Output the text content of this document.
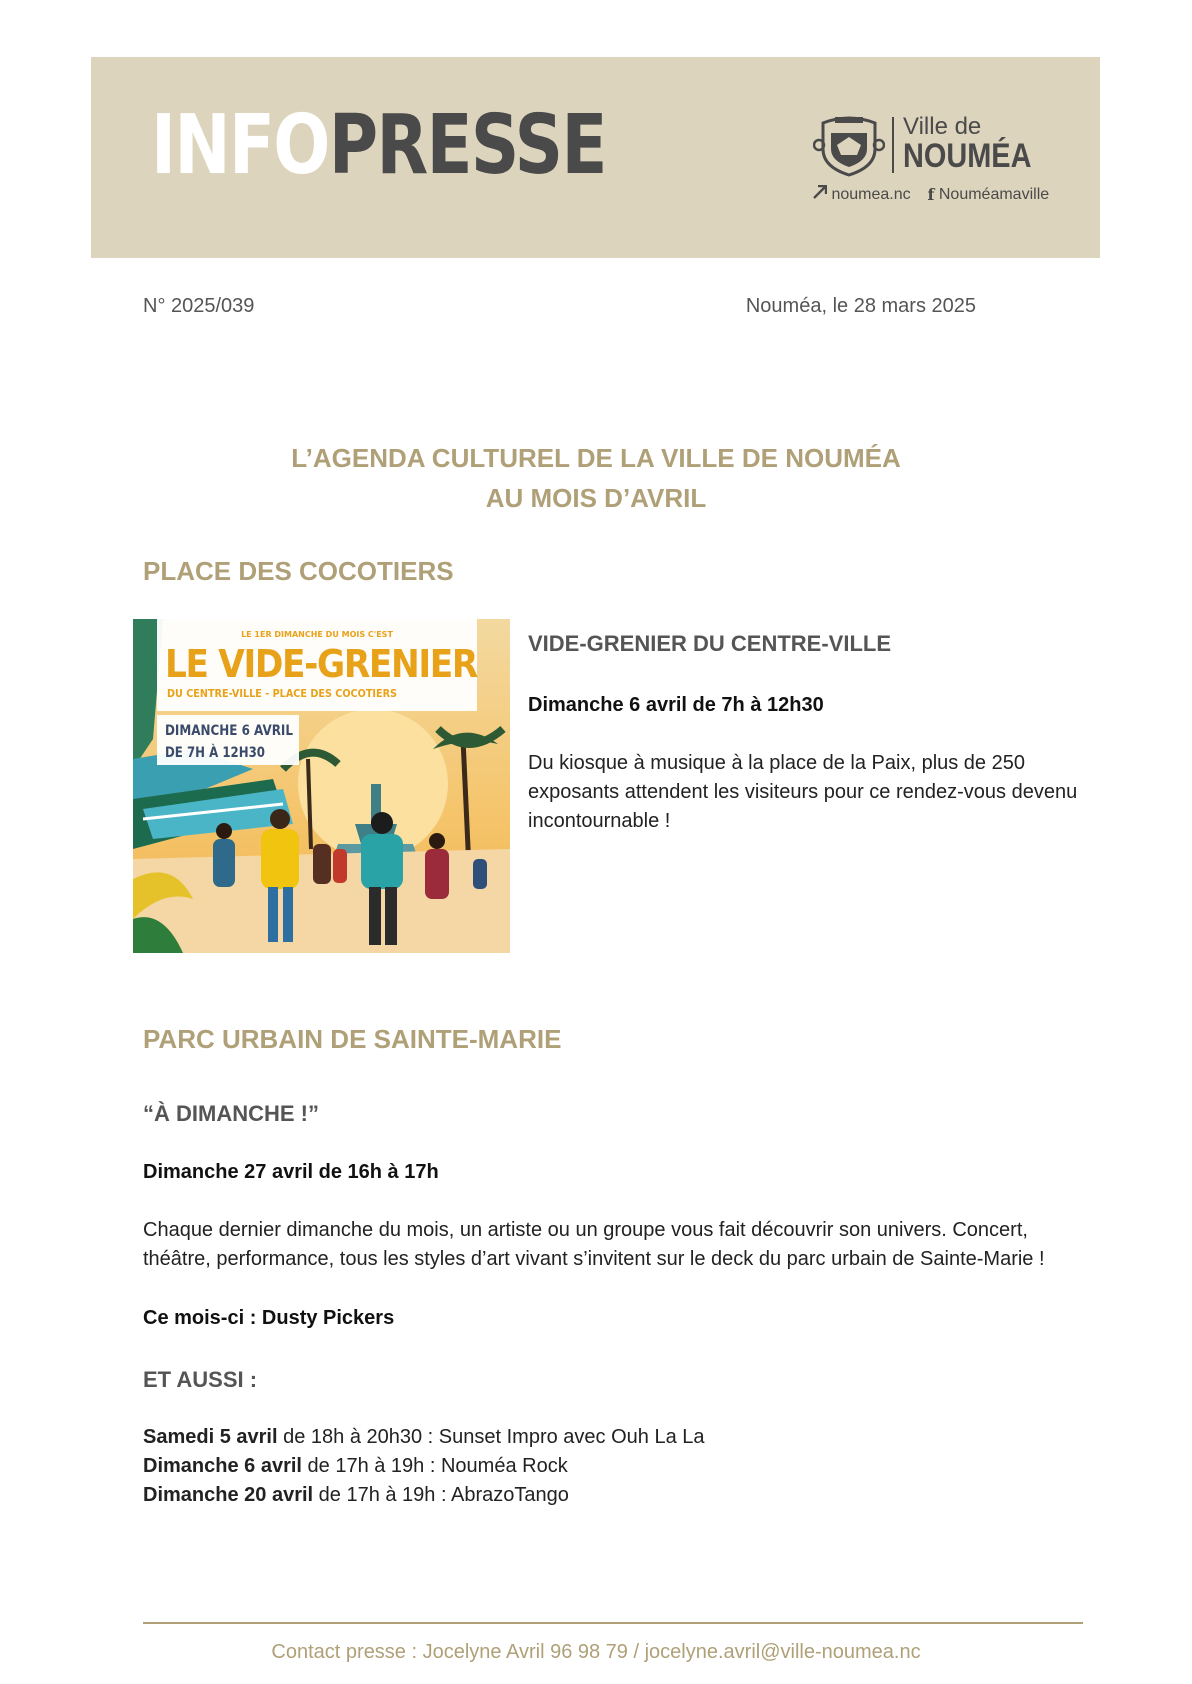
INFOPRESSE	Ville de
NOUMÉA
noumea.nc f Nouméamaville
N° 2025/039	Nouméa, le 28 mars 2025
L’AGENDA CULTUREL DE LA VILLE DE NOUMÉA
AU MOIS D’AVRIL
PLACE DES COCOTIERS
LE 1ER DIMANCHE DU MOIS C'EST
LE VIDE-GRENIER
DU CENTRE-VILLE - PLACE DES COCOTIERS
DIMANCHE 6 AVRIL
DE 7H À 12H30
VIDE-GRENIER DU CENTRE-VILLE
Dimanche 6 avril de 7h à 12h30
Du kiosque à musique à la place de la Paix, plus de 250 exposants attendent les visiteurs pour ce rendez-vous devenu incontournable !
PARC URBAIN DE SAINTE-MARIE
“À DIMANCHE !”
Dimanche 27 avril de 16h à 17h
Chaque dernier dimanche du mois, un artiste ou un groupe vous fait découvrir son univers. Concert, théâtre, performance, tous les styles d’art vivant s’invitent sur le deck du parc urbain de Sainte-Marie !
Ce mois-ci : Dusty Pickers
ET AUSSI :
Samedi 5 avril de 18h à 20h30 : Sunset Impro avec Ouh La La
Dimanche 6 avril de 17h à 19h : Nouméa Rock
Dimanche 20 avril de 17h à 19h : AbrazoTango
Contact presse : Jocelyne Avril 96 98 79 / jocelyne.avril@ville-noumea.nc
